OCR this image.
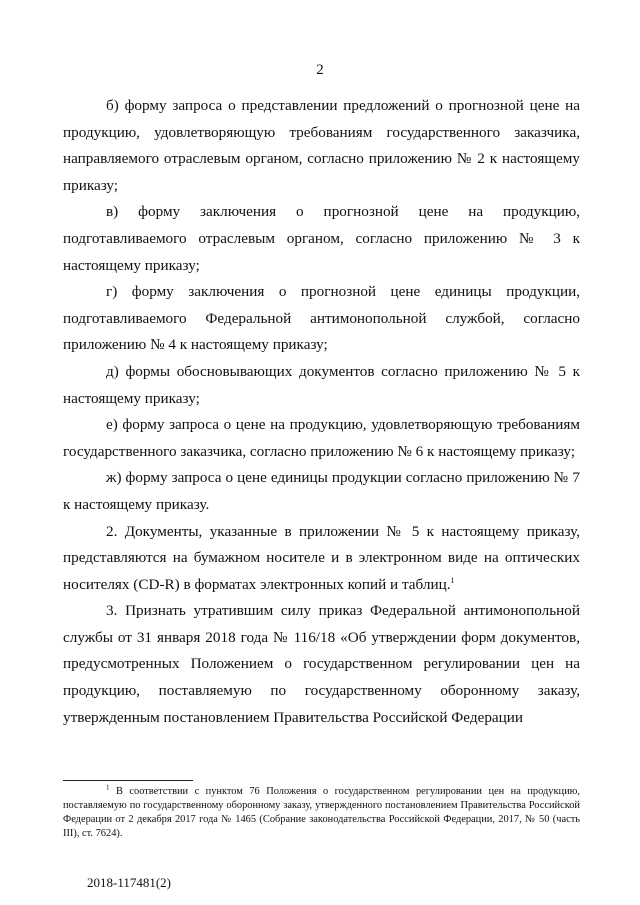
2

б) форму запроса о представлении предложений о прогнозной цене на продукцию, удовлетворяющую требованиям государственного заказчика, направляемого отраслевым органом, согласно приложению № 2 к настоящему приказу;

в) форму заключения о прогнозной цене на продукцию, подготавливаемого отраслевым органом, согласно приложению № 3 к настоящему приказу;

г) форму заключения о прогнозной цене единицы продукции, подготавливаемого Федеральной антимонопольной службой, согласно приложению № 4 к настоящему приказу;

д) формы обосновывающих документов согласно приложению № 5 к настоящему приказу;

е) форму запроса о цене на продукцию, удовлетворяющую требованиям государственного заказчика, согласно приложению № 6 к настоящему приказу;

ж) форму запроса о цене единицы продукции согласно приложению № 7 к настоящему приказу.

2. Документы, указанные в приложении № 5 к настоящему приказу, представляются на бумажном носителе и в электронном виде на оптических носителях (CD-R) в форматах электронных копий и таблиц.$^1$

3. Признать утратившим силу приказ Федеральной антимонопольной службы от 31 января 2018 года № 116/18 «Об утверждении форм документов, предусмотренных Положением о государственном регулировании цен на продукцию, поставляемую по государственному оборонному заказу, утвержденным постановлением Правительства Российской Федерации

$^1$ В соответствии с пунктом 76 Положения о государственном регулировании цен на продукцию, поставляемую по государственному оборонному заказу, утвержденного постановлением Правительства Российской Федерации от 2 декабря 2017 года № 1465 (Собрание законодательства Российской Федерации, 2017, № 50 (часть III), ст. 7624).

2018-117481(2)
